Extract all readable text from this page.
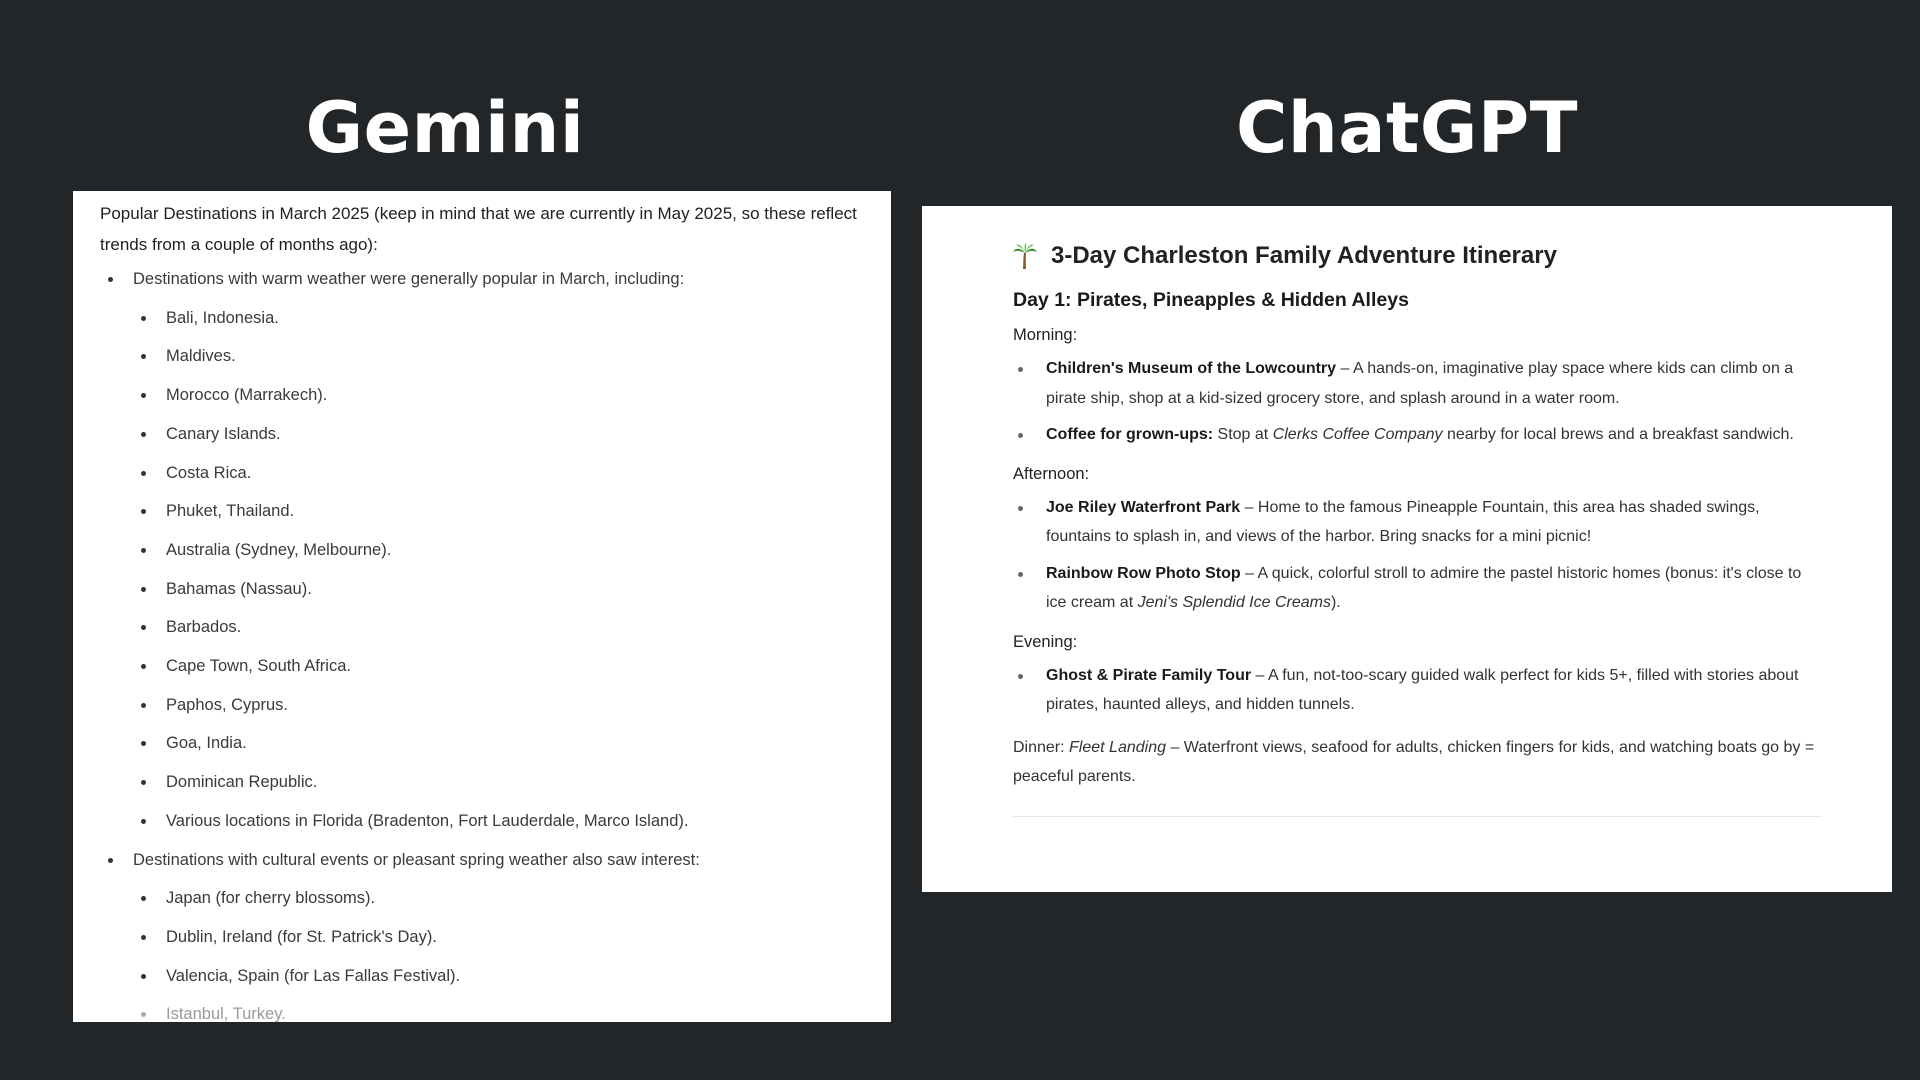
Gemini	ChatGPT

Popular Destinations in March 2025 (keep in mind that we are currently in May 2025, so these reflect trends from a couple of months ago):

Destinations with warm weather were generally popular in March, including:
Bali, Indonesia.
Maldives.
Morocco (Marrakech).
Canary Islands.
Costa Rica.
Phuket, Thailand.
Australia (Sydney, Melbourne).
Bahamas (Nassau).
Barbados.
Cape Town, South Africa.
Paphos, Cyprus.
Goa, India.
Dominican Republic.
Various locations in Florida (Bradenton, Fort Lauderdale, Marco Island).
Destinations with cultural events or pleasant spring weather also saw interest:
Japan (for cherry blossoms).
Dublin, Ireland (for St. Patrick's Day).
Valencia, Spain (for Las Fallas Festival).
Istanbul, Turkey.
3-Day Charleston Family Adventure Itinerary
Day 1: Pirates, Pineapples & Hidden Alleys
Morning:
Children's Museum of the Lowcountry – A hands-on, imaginative play space where kids can climb on a pirate ship, shop at a kid-sized grocery store, and splash around in a water room.
Coffee for grown-ups: Stop at Clerks Coffee Company nearby for local brews and a breakfast sandwich.
Afternoon:
Joe Riley Waterfront Park – Home to the famous Pineapple Fountain, this area has shaded swings, fountains to splash in, and views of the harbor. Bring snacks for a mini picnic!
Rainbow Row Photo Stop – A quick, colorful stroll to admire the pastel historic homes (bonus: it's close to ice cream at Jeni's Splendid Ice Creams).
Evening:
Ghost & Pirate Family Tour – A fun, not-too-scary guided walk perfect for kids 5+, filled with stories about pirates, haunted alleys, and hidden tunnels.

Dinner: Fleet Landing – Waterfront views, seafood for adults, chicken fingers for kids, and watching boats go by = peaceful parents.
